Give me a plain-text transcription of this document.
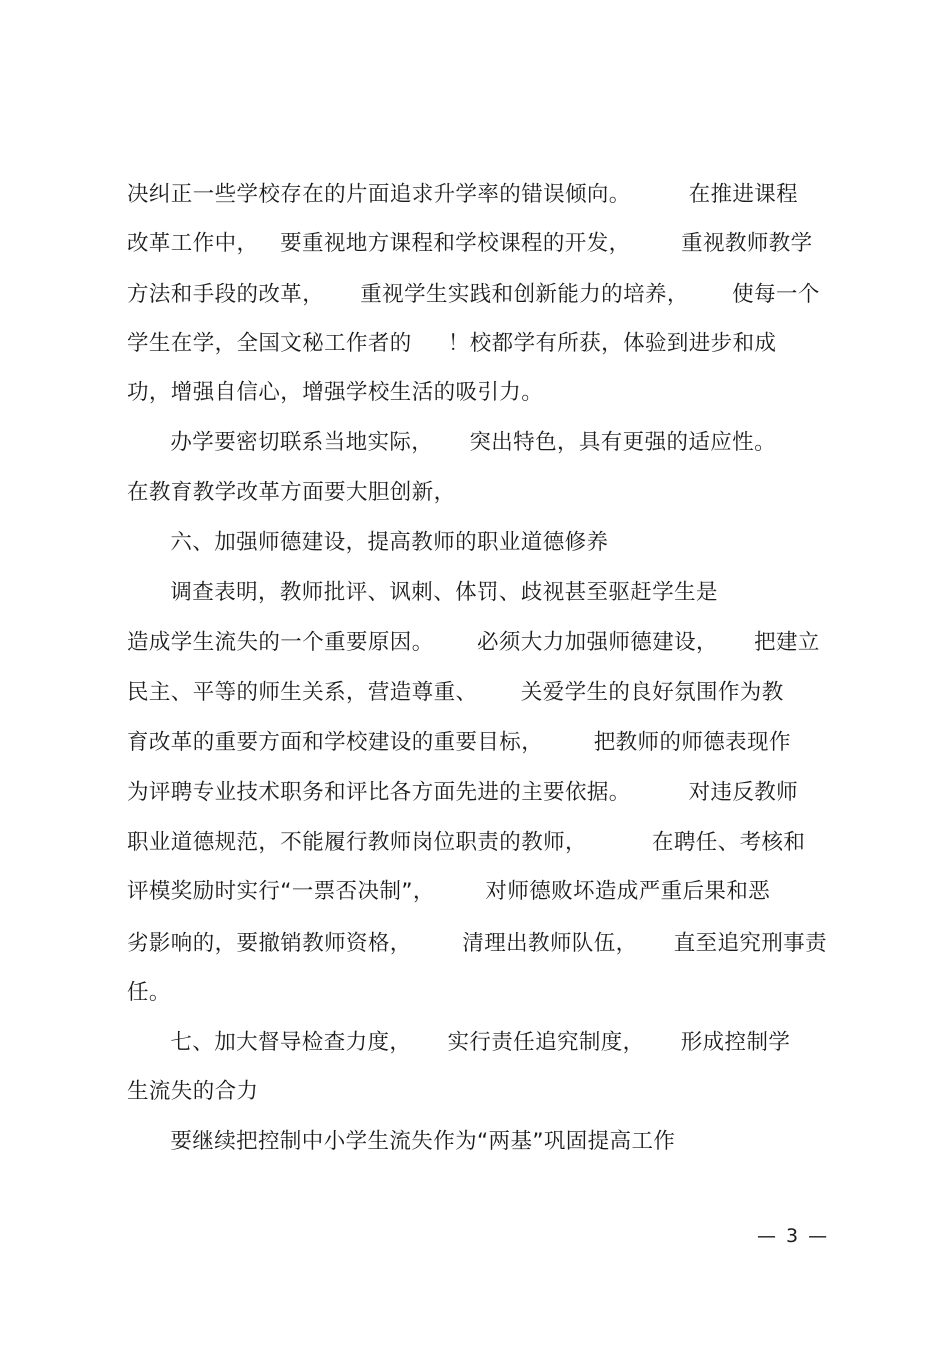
决纠正一些学校存在的片面追求升学率的错误倾向。        在推进课程
改革工作中，   要重视地方课程和学校课程的开发，       重视教师教学
方法和手段的改革，     重视学生实践和创新能力的培养，      使每一个
学生在学，全国文秘工作者的     ！校都学有所获，体验到进步和成
功，增强自信心，增强学校生活的吸引力。
办学要密切联系当地实际，     突出特色，具有更强的适应性。
在教育教学改革方面要大胆创新，
六、加强师德建设，提高教师的职业道德修养
调查表明，教师批评、讽刺、体罚、歧视甚至驱赶学生是
造成学生流失的一个重要原因。      必须大力加强师德建设，     把建立
民主、平等的师生关系，营造尊重、      关爱学生的良好氛围作为教
育改革的重要方面和学校建设的重要目标，       把教师的师德表现作
为评聘专业技术职务和评比各方面先进的主要依据。        对违反教师
职业道德规范，不能履行教师岗位职责的教师，         在聘任、考核和
评模奖励时实行“一票否决制”，       对师德败坏造成严重后果和恶
劣影响的，要撤销教师资格，       清理出教师队伍，     直至追究刑事责
任。
七、加大督导检查力度，     实行责任追究制度，     形成控制学
生流失的合力
要继续把控制中小学生流失作为“两基”巩固提高工作
— 3 —
